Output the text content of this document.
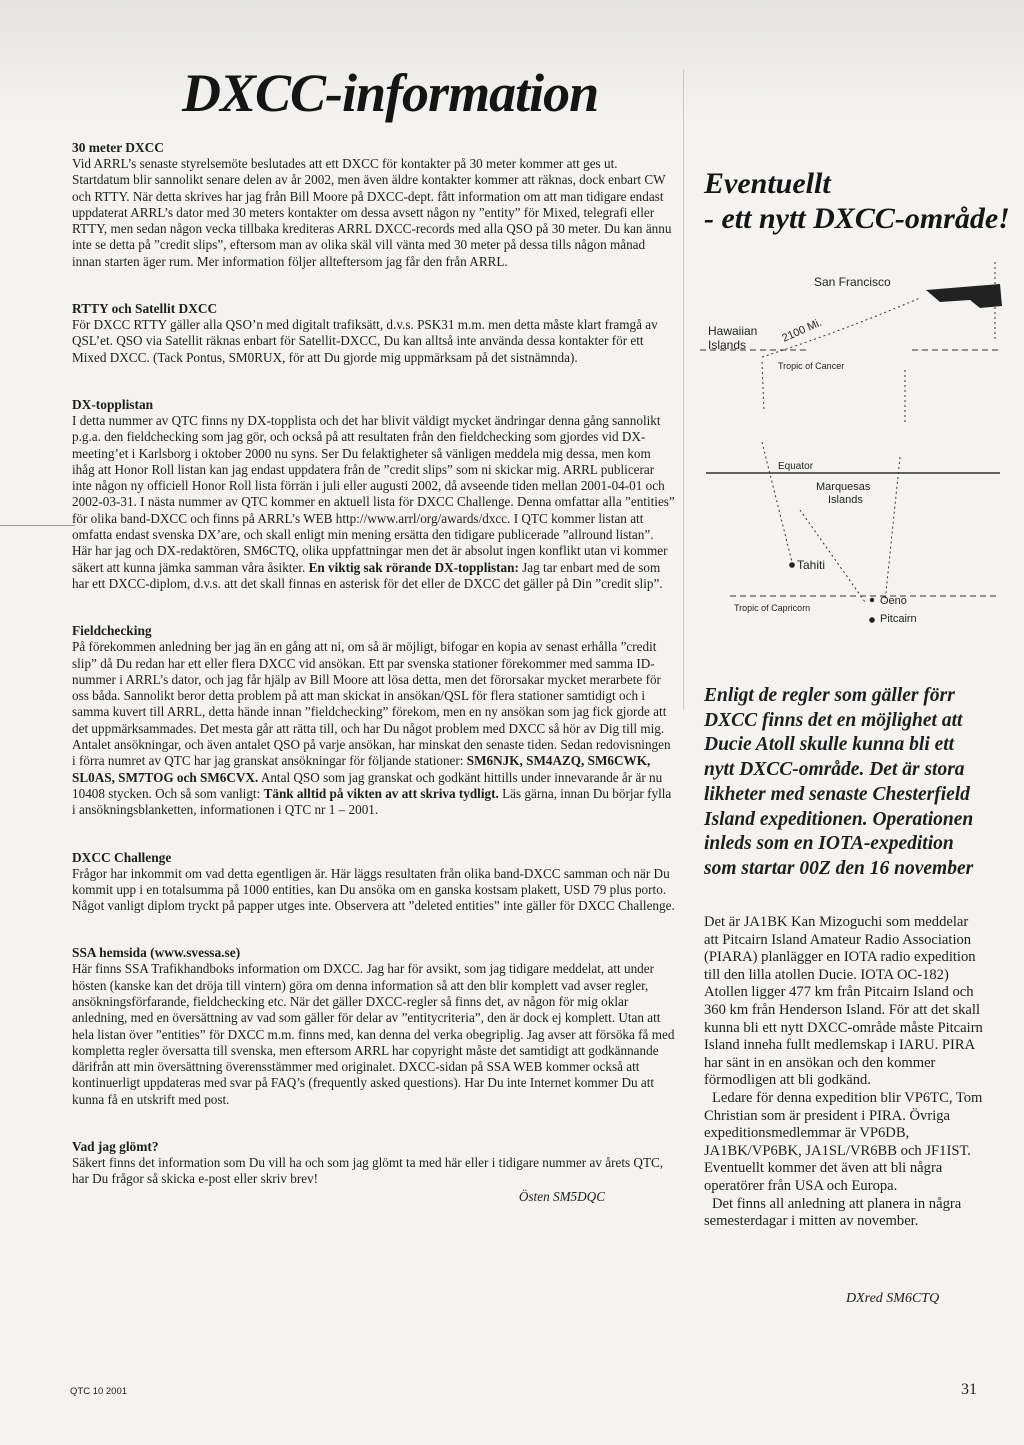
DXCC-information
30 meter DXCC

Vid ARRL’s senaste styrelsemöte beslutades att ett DXCC för kontakter på 30 meter kommer att ges ut. Startdatum blir sannolikt senare delen av år 2002, men även äldre kontakter kommer att räknas, dock enbart CW och RTTY. När detta skrives har jag från Bill Moore på DXCC-dept. fått information om att man tidigare endast uppdaterat ARRL’s dator med 30 meters kontakter om dessa avsett någon ny ”entity” för Mixed, telegrafi eller RTTY, men sedan någon vecka tillbaka krediteras ARRL DXCC-records med alla QSO på 30 meter. Du kan ännu inte se detta på ”credit slips”, eftersom man av olika skäl vill vänta med 30 meter på dessa tills någon månad innan starten äger rum. Mer information följer allteftersom jag får den från ARRL.

RTTY och Satellit DXCC

För DXCC RTTY gäller alla QSO’n med digitalt trafiksätt, d.v.s. PSK31 m.m. men detta måste klart framgå av QSL’et. QSO via Satellit räknas enbart för Satellit-DXCC, Du kan alltså inte använda dessa kontakter för ett Mixed DXCC. (Tack Pontus, SM0RUX, för att Du gjorde mig uppmärksam på det sistnämnda).

DX-topplistan

I detta nummer av QTC finns ny DX-topplista och det har blivit väldigt mycket ändringar denna gång sannolikt p.g.a. den fieldchecking som jag gör, och också på att resultaten från den fieldchecking som gjordes vid DX-meeting’et i Karlsborg i oktober 2000 nu syns. Ser Du felaktigheter så vänligen meddela mig dessa, men kom ihåg att Honor Roll listan kan jag endast uppdatera från de ”credit slips” som ni skickar mig. ARRL publicerar inte någon ny officiell Honor Roll lista förrän i juli eller augusti 2002, då avseende tiden mellan 2001-04-01 och 2002-03-31. I nästa nummer av QTC kommer en aktuell lista för DXCC Challenge. Denna omfattar alla ”entities” för olika band-DXCC och finns på ARRL’s WEB http://www.arrl/org/awards/dxcc. I QTC kommer listan att omfatta endast svenska DX’are, och skall enligt min mening ersätta den tidigare publicerade ”allround listan”. Här har jag och DX-redaktören, SM6CTQ, olika uppfattningar men det är absolut ingen konflikt utan vi kommer säkert att kunna jämka samman våra åsikter. En viktig sak rörande DX-topplistan: Jag tar enbart med de som har ett DXCC-diplom, d.v.s. att det skall finnas en asterisk för det eller de DXCC det gäller på Din ”credit slip”.

Fieldchecking

På förekommen anledning ber jag än en gång att ni, om så är möjligt, bifogar en kopia av senast erhålla ”credit slip” då Du redan har ett eller flera DXCC vid ansökan. Ett par svenska stationer förekommer med samma ID-nummer i ARRL’s dator, och jag får hjälp av Bill Moore att lösa detta, men det förorsakar mycket merarbete för oss båda. Sannolikt beror detta problem på att man skickat in ansökan/QSL för flera stationer samtidigt och i samma kuvert till ARRL, detta hände innan ”fieldchecking” förekom, men en ny ansökan som jag fick gjorde att det uppmärksammades. Det mesta går att rätta till, och har Du något problem med DXCC så hör av Dig till mig. Antalet ansökningar, och även antalet QSO på varje ansökan, har minskat den senaste tiden. Sedan redovisningen i förra numret av QTC har jag granskat ansökningar för följande stationer: SM6NJK, SM4AZQ, SM6CWK, SL0AS, SM7TOG och SM6CVX. Antal QSO som jag granskat och godkänt hittills under innevarande år är nu 10408 stycken. Och så som vanligt: Tänk alltid på vikten av att skriva tydligt. Läs gärna, innan Du börjar fylla i ansökningsblanketten, informationen i QTC nr 1 – 2001.

DXCC Challenge

Frågor har inkommit om vad detta egentligen är. Här läggs resultaten från olika band-DXCC samman och när Du kommit upp i en totalsumma på 1000 entities, kan Du ansöka om en ganska kostsam plakett, USD 79 plus porto. Något vanligt diplom tryckt på papper utges inte. Observera att ”deleted entities” inte gäller för DXCC Challenge.

SSA hemsida (www.svessa.se)

Här finns SSA Trafikhandboks information om DXCC. Jag har för avsikt, som jag tidigare meddelat, att under hösten (kanske kan det dröja till vintern) göra om denna information så att den blir komplett vad avser regler, ansökningsförfarande, fieldchecking etc. När det gäller DXCC-regler så finns det, av någon för mig oklar anledning, med en översättning av vad som gäller för delar av ”entitycriteria”, den är dock ej komplett. Utan att hela listan över ”entities” för DXCC m.m. finns med, kan denna del verka obegriplig. Jag avser att försöka få med kompletta regler översatta till svenska, men eftersom ARRL har copyright måste det samtidigt att godkännande därifrån att min översättning överensstämmer med originalet. DXCC-sidan på SSA WEB kommer också att kontinuerligt uppdateras med svar på FAQ’s (frequently asked questions). Har Du inte Internet kommer Du att kunna få en utskrift med post.

Vad jag glömt?

Säkert finns det information som Du vill ha och som jag glömt ta med här eller i tidigare nummer av årets QTC, har Du frågor så skicka e-post eller skriv brev!

Östen SM5DQC

Eventuellt
- ett nytt DXCC-område!
San Francisco
Hawaiian
Islands
2100 Mi.
Tropic of Cancer
Equator
Marquesas
Islands
Tahiti
Tropic of Capricorn
Oeno
Pitcairn

Enligt de regler som gäller förr DXCC finns det en möjlighet att Ducie Atoll skulle kunna bli ett nytt DXCC-område. Det är stora likheter med senaste Chesterfield Island expeditionen. Operationen inleds som en IOTA-expedition som startar 00Z den 16 november

Det är JA1BK Kan Mizoguchi som meddelar att Pitcairn Island Amateur Radio Association (PIARA) planlägger en IOTA radio expedition till den lilla atollen Ducie. IOTA OC-182) Atollen ligger 477 km från Pitcairn Island och 360 km från Henderson Island. För att det skall kunna bli ett nytt DXCC-område måste Pitcairn Island inneha fullt medlemskap i IARU. PIRA har sänt in en ansökan och den kommer förmodligen att bli godkänd.

Ledare för denna expedition blir VP6TC, Tom Christian som är president i PIRA. Övriga expeditionsmedlemmar är VP6DB, JA1BK/VP6BK, JA1SL/VR6BB och JF1IST. Eventuellt kommer det även att bli några operatörer från USA och Europa.

Det finns all anledning att planera in några semesterdagar i mitten av november.

DXred SM6CTQ

QTC 10 2001	31
